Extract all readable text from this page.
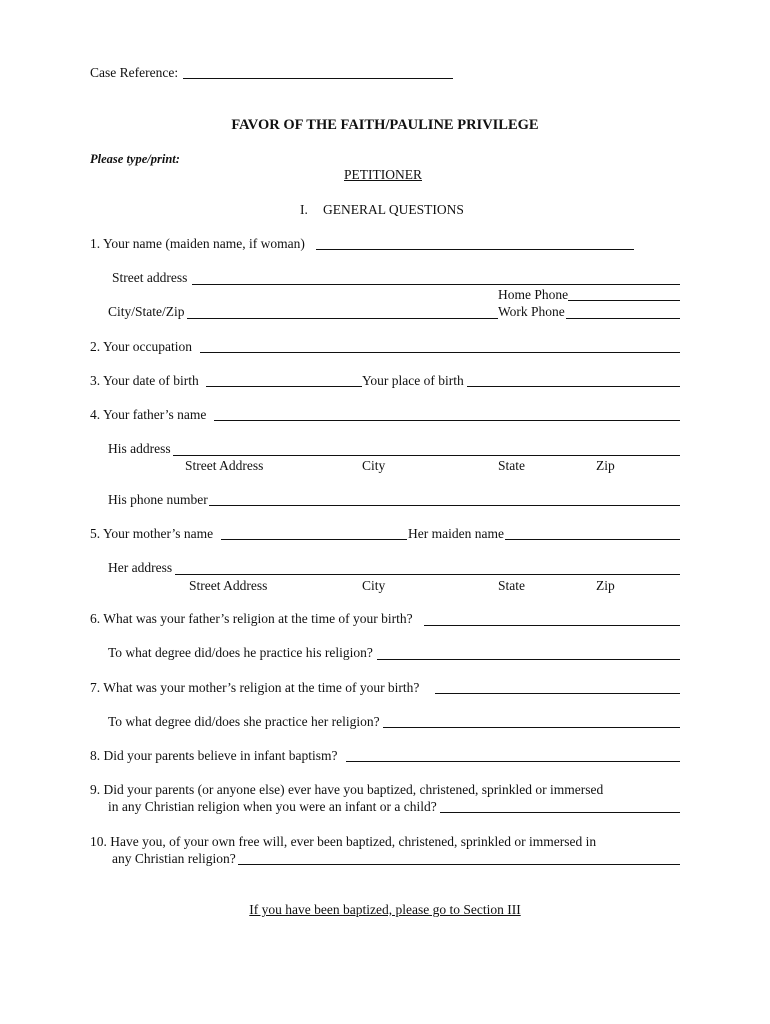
Case Reference:
FAVOR OF THE FAITH/PAULINE PRIVILEGE
Please type/print:
PETITIONER
I. GENERAL QUESTIONS
1. Your name (maiden name, if woman)
Street address
Home Phone
City/State/Zip	Work Phone
2. Your occupation
3. Your date of birth	Your place of birth
4. Your father’s name
His address
Street Address	City	State	Zip
His phone number
5. Your mother’s name	Her maiden name
Her address
Street Address	City	State	Zip
6. What was your father’s religion at the time of your birth?
To what degree did/does he practice his religion?
7. What was your mother’s religion at the time of your birth?
To what degree did/does she practice her religion?
8. Did your parents believe in infant baptism?
9. Did your parents (or anyone else) ever have you baptized, christened, sprinkled or immersed
in any Christian religion when you were an infant or a child?
10. Have you, of your own free will, ever been baptized, christened, sprinkled or immersed in
any Christian religion?
If you have been baptized, please go to Section III
